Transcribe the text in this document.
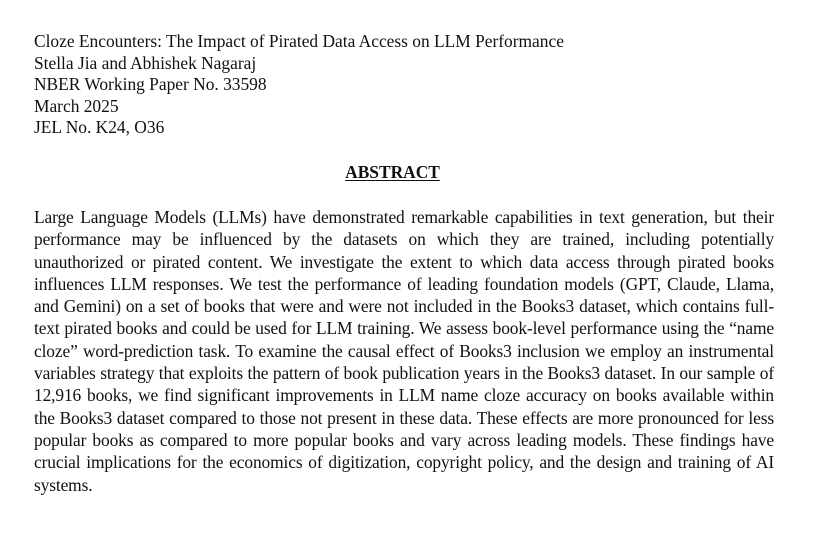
Cloze Encounters: The Impact of Pirated Data Access on LLM Performance
Stella Jia and Abhishek Nagaraj
NBER Working Paper No. 33598
March 2025
JEL No. K24, O36
ABSTRACT
Large Language Models (LLMs) have demonstrated remarkable capabilities in text generation, but their performance may be influenced by the datasets on which they are trained, including potentially unauthorized or pirated content. We investigate the extent to which data access through pirated books influences LLM responses. We test the performance of leading foundation models (GPT, Claude, Llama, and Gemini) on a set of books that were and were not included in the Books3 dataset, which contains full-text pirated books and could be used for LLM training. We assess book-level performance using the “name cloze” word-prediction task. To examine the causal effect of Books3 inclusion we employ an instrumental variables strategy that exploits the pattern of book publication years in the Books3 dataset. In our sample of 12,916 books, we find significant improvements in LLM name cloze accuracy on books available within the Books3 dataset compared to those not present in these data. These effects are more pronounced for less popular books as compared to more popular books and vary across leading models. These findings have crucial implications for the economics of digitization, copyright policy, and the design and training of AI systems.
